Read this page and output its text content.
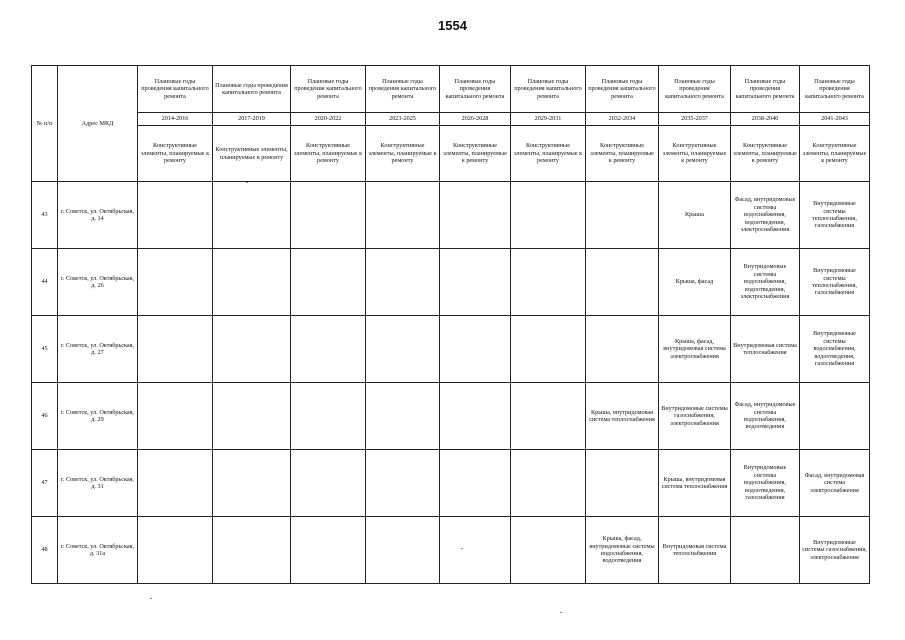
1554
№ п/п	Адрес МКД	Плановые годы проведения капитального ремонта	Плановые годы проведения капитального ремонта	Плановые годы проведения капитального ремонта	Плановые годы проведения капитального ремонта	Плановые годы проведения капитального ремонта	Плановые годы проведения капитального ремонта	Плановые годы проведения капитального ремонта	Плановые годы проведения капитального ремонта	Плановые годы проведения капитального ремонта	Плановые годы проведения капитального ремонта
		2014-2016	2017-2019	2020-2022	2023-2025	2026-2028	2029-2031	2032-2034	2035-2037	2038-2040	2041-2043
		Конструктивные элементы, планируемые к ремонту	Конструктивные элементы, планируемые к ремонту	Конструктивные элементы, планируемые к ремонту	Конструктивные элементы, планируемые к ремонту	Конструктивные элементы, планируемые к ремонту	Конструктивные элементы, планируемые к ремонту	Конструктивные элементы, планируемые к ремонту	Конструктивные элементы, планируемые к ремонту	Конструктивные элементы, планируемые к ремонту	Конструктивные элементы, планируемые к ремонту
43	г. Советск, ул. Октябрьская, д. 14								Крыша	Фасад, внутридомовые системы водоснабжения, водоотведения, электроснабжения	Внутридомовые системы теплоснабжения, газоснабжения
44	г. Советск, ул. Октябрьская, д. 26								Крыша, фасад	Внутридомовые системы водоснабжения, водоотведения, электроснабжения	Внутридомовые системы теплоснабжения, газоснабжения
45	г. Советск, ул. Октябрьская, д. 27								Крыша, фасад, внутридомовая система электроснабжения	Внутридомовая система теплоснабжения	Внутридомовые системы водоснабжения, водоотведения, газоснабжения
46	г. Советск, ул. Октябрьская, д. 29							Крыша, внутридомовая система теплоснабжения	Внутридомовые системы газоснабжения, электроснабжения	Фасад, внутридомовые системы водоснабжения, водоотведения	
47	г. Советск, ул. Октябрьская, д. 31								Крыша, внутридомовая система теплоснабжения	Внутридомовые системы водоснабжения, водоотведения, газоснабжения	Фасад, внутридомовая система электроснабжения
48	г. Советск, ул. Октябрьская, д. 31а							Крыша, фасад, внутридомовые системы водоснабжения, водоотведения	Внутридомовая система теплоснабжения		Внутридомовые системы газоснабжения, электроснабжения
